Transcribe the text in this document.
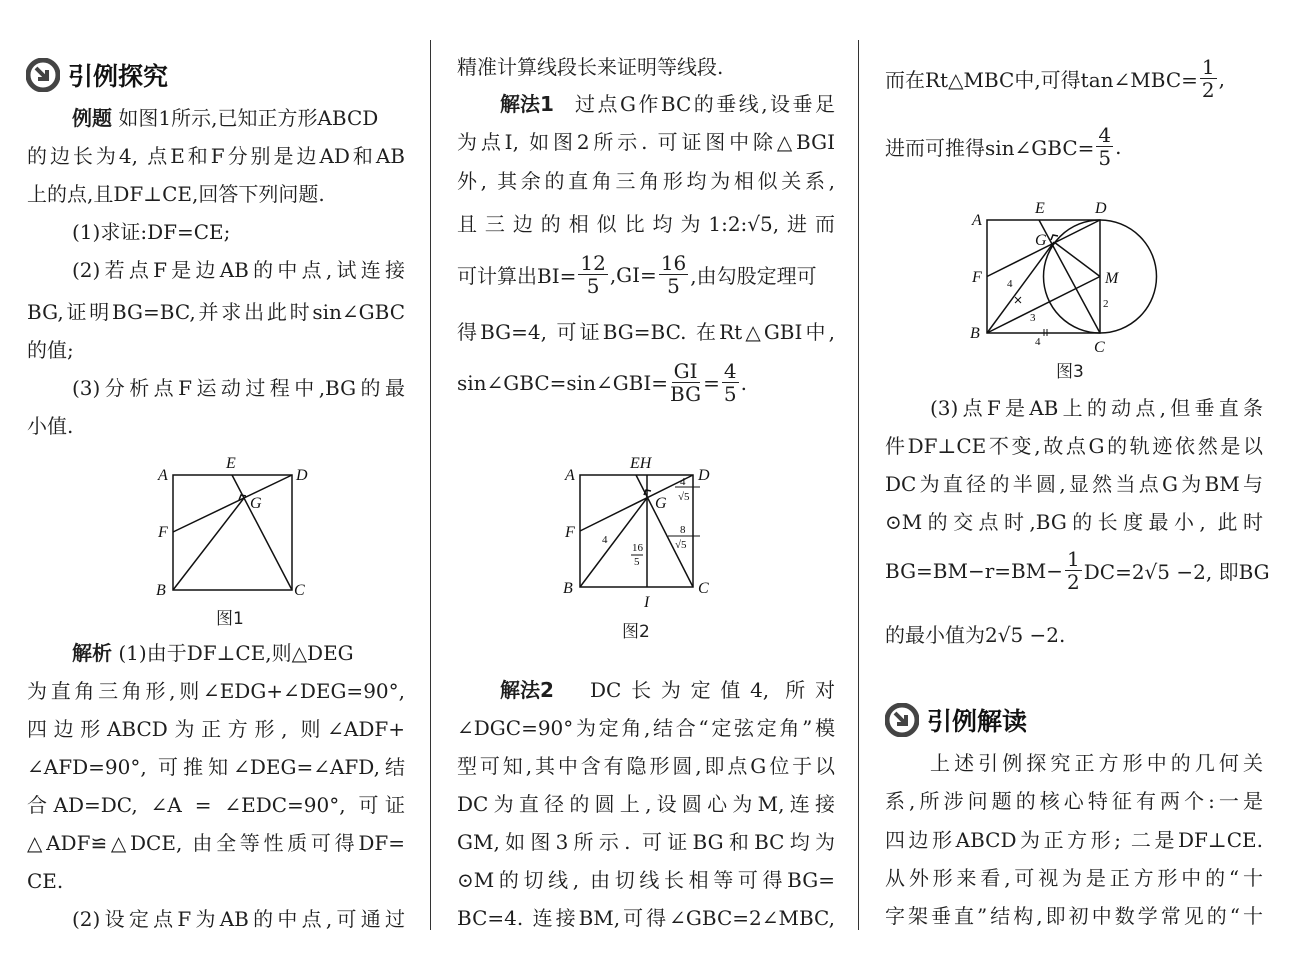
引例探究
例题 如图1所示,已知正方形ABCD
的边长为4, 点E和F分别是边AD和AB
上的点,且DF⊥CE,回答下列问题.
(1)求证:DF=CE;
(2)若点F是边AB的中点,试连接
BG,证明BG=BC,并求出此时sin∠GBC
的值;
(3)分析点F运动过程中,BG的最
小值.
A
E
D
G
F
B	C
图1
解析 (1)由于DF⊥CE,则△DEG
为直角三角形,则∠EDG+∠DEG=90°,
四边形ABCD为正方形, 则∠ADF+
∠AFD=90°, 可推知∠DEG=∠AFD,结
合AD=DC, ∠A = ∠EDC=90°, 可证
△ADF≌△DCE, 由全等性质可得DF=
CE.
(2)设定点F为AB的中点,可通过
精准计算线段长来证明等线段.
解法1 过点G作BC的垂线,设垂足
为点I, 如图2所示. 可证图中除△BGI
外, 其余的直角三角形均为相似关系,
且三边的相似比均为1:2:√5,进而
可计算出$BI= \frac{12}{5} ,GI= \frac{16}{5}$ ,由勾股定理可
得BG=4, 可证BG=BC. 在Rt△GBI中,
sin∠GBC=sin∠GBI= $\frac{GI}{BG} = \frac{4}{5}$ .
A
EH
D
G
F
B	C
I
4
16
5
8
√5
4
√5
图2
解法2 DC长为定值4, 所对
∠DGC=90°为定角,结合“定弦定角”模
型可知,其中含有隐形圆,即点G位于以
DC为直径的圆上,设圆心为M,连接
GM,如图3所示. 可证BG和BC均为
⊙M的切线, 由切线长相等可得BG=
BC=4. 连接BM,可得∠GBC=2∠MBC,
而在Rt△MBC中,可得tan∠MBC= $\frac{1}{2}$ ,
进而可推得sin∠GBC= $\frac{4}{5}$ .
A
E	D
G
F	M
B
C
4
3
2
4
图3
(3)点F是AB上的动点,但垂直条
件DF⊥CE不变,故点G的轨迹依然是以
DC为直径的半圆,显然当点G为BM与
⊙M的交点时,BG的长度最小, 此时
$BG=BM-r=BM- \frac{1}{2} DC=2√5 -2$, 即BG
的最小值为2√5 −2.
引例解读
上述引例探究正方形中的几何关
系,所涉问题的核心特征有两个:一是
四边形ABCD为正方形; 二是DF⊥CE.
从外形来看,可视为是正方形中的“十
字架垂直”结构,即初中数学常见的“十
